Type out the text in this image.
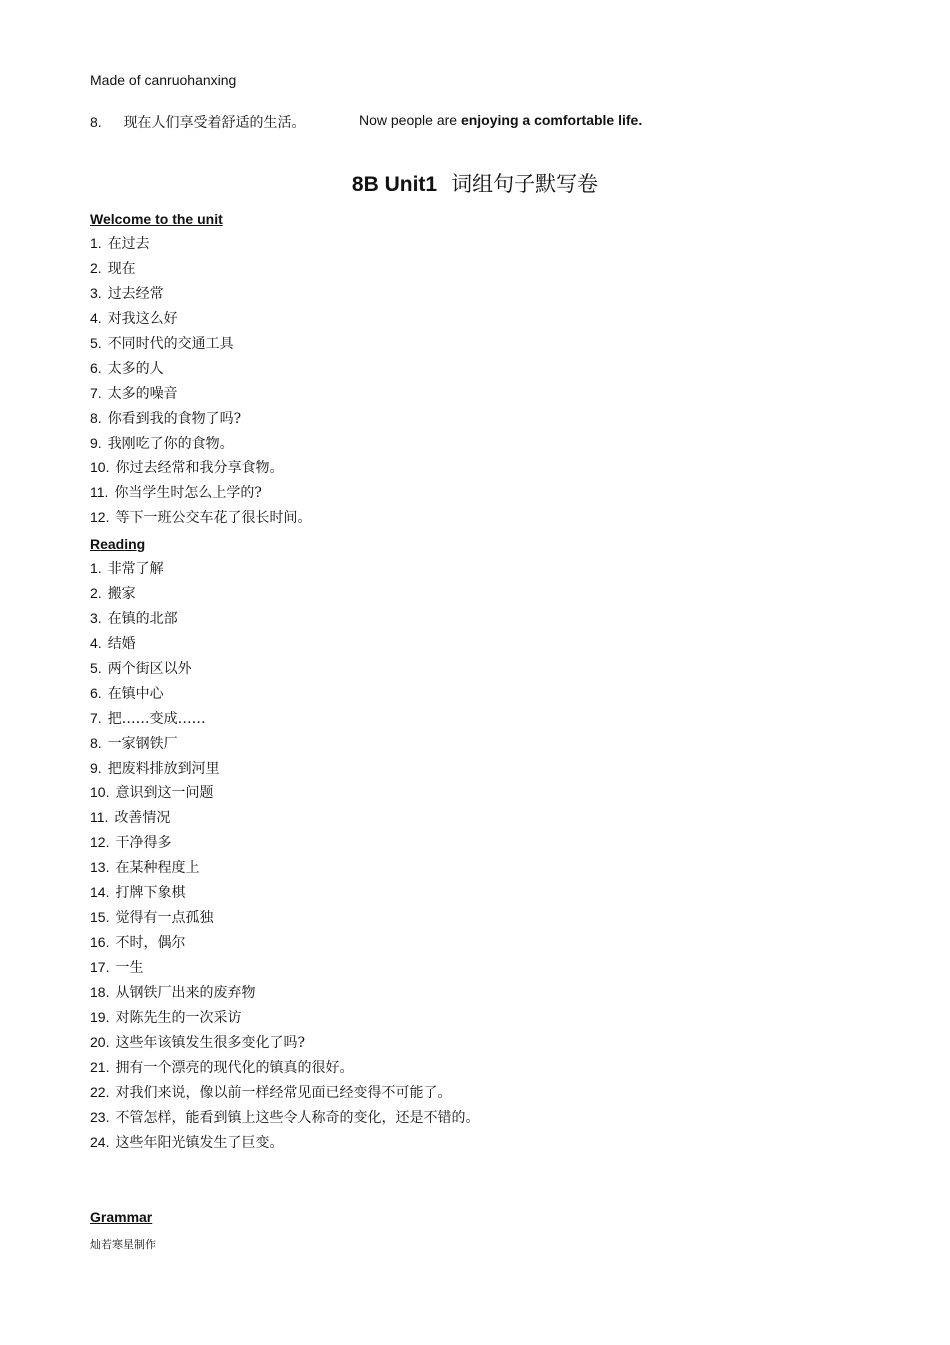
Made of canruohanxing
8. 现在人们享受着舒适的生活。	Now people are enjoying a comfortable life.
8B Unit1 词组句子默写卷
Welcome to the unit
1. 在过去
2. 现在
3. 过去经常
4. 对我这么好
5. 不同时代的交通工具
6. 太多的人
7. 太多的噪音
8. 你看到我的食物了吗?
9. 我刚吃了你的食物。
10. 你过去经常和我分享食物。
11. 你当学生时怎么上学的?
12. 等下一班公交车花了很长时间。
Reading
1. 非常了解
2. 搬家
3. 在镇的北部
4. 结婚
5. 两个街区以外
6. 在镇中心
7. 把……变成……
8. 一家钢铁厂
9. 把废料排放到河里
10. 意识到这一问题
11. 改善情况
12. 干净得多
13. 在某种程度上
14. 打牌下象棋
15. 觉得有一点孤独
16. 不时，偶尔
17. 一生
18. 从钢铁厂出来的废弃物
19. 对陈先生的一次采访
20. 这些年该镇发生很多变化了吗?
21. 拥有一个漂亮的现代化的镇真的很好。
22. 对我们来说，像以前一样经常见面已经变得不可能了。
23. 不管怎样，能看到镇上这些令人称奇的变化，还是不错的。
24. 这些年阳光镇发生了巨变。
Grammar
灿若寒星制作
